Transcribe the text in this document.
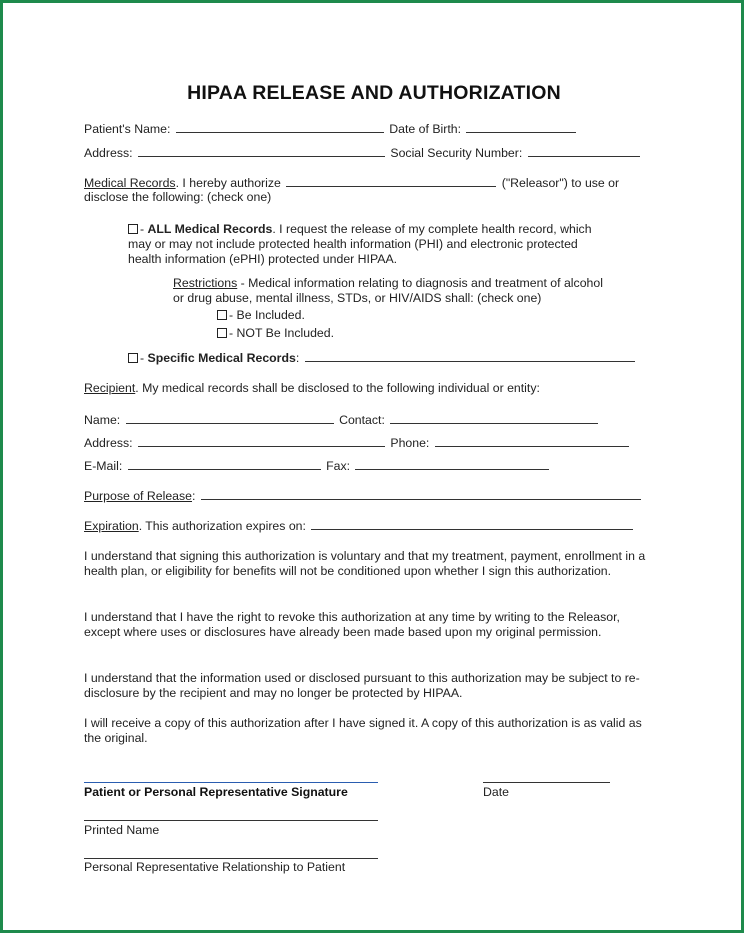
HIPAA RELEASE AND AUTHORIZATION
Patient's Name:	Date of Birth:
Address:	Social Security Number:
Medical Records. I hereby authorize	("Releasor") to use or
disclose the following: (check one)
- ALL Medical Records. I request the release of my complete health record, which
may or may not include protected health information (PHI) and electronic protected
health information (ePHI) protected under HIPAA.
Restrictions - Medical information relating to diagnosis and treatment of alcohol
or drug abuse, mental illness, STDs, or HIV/AIDS shall: (check one)
- Be Included.
- NOT Be Included.
- Specific Medical Records:
Recipient. My medical records shall be disclosed to the following individual or entity:
Name:	Contact:
Address:	Phone:
E-Mail:	Fax:
Purpose of Release:
Expiration. This authorization expires on:
I understand that signing this authorization is voluntary and that my treatment, payment, enrollment in a health plan, or eligibility for benefits will not be conditioned upon whether I sign this authorization.
I understand that I have the right to revoke this authorization at any time by writing to the Releasor, except where uses or disclosures have already been made based upon my original permission.
I understand that the information used or disclosed pursuant to this authorization may be subject to re-disclosure by the recipient and may no longer be protected by HIPAA.
I will receive a copy of this authorization after I have signed it. A copy of this authorization is as valid as the original.
Patient or Personal Representative Signature	Date
Printed Name
Personal Representative Relationship to Patient
